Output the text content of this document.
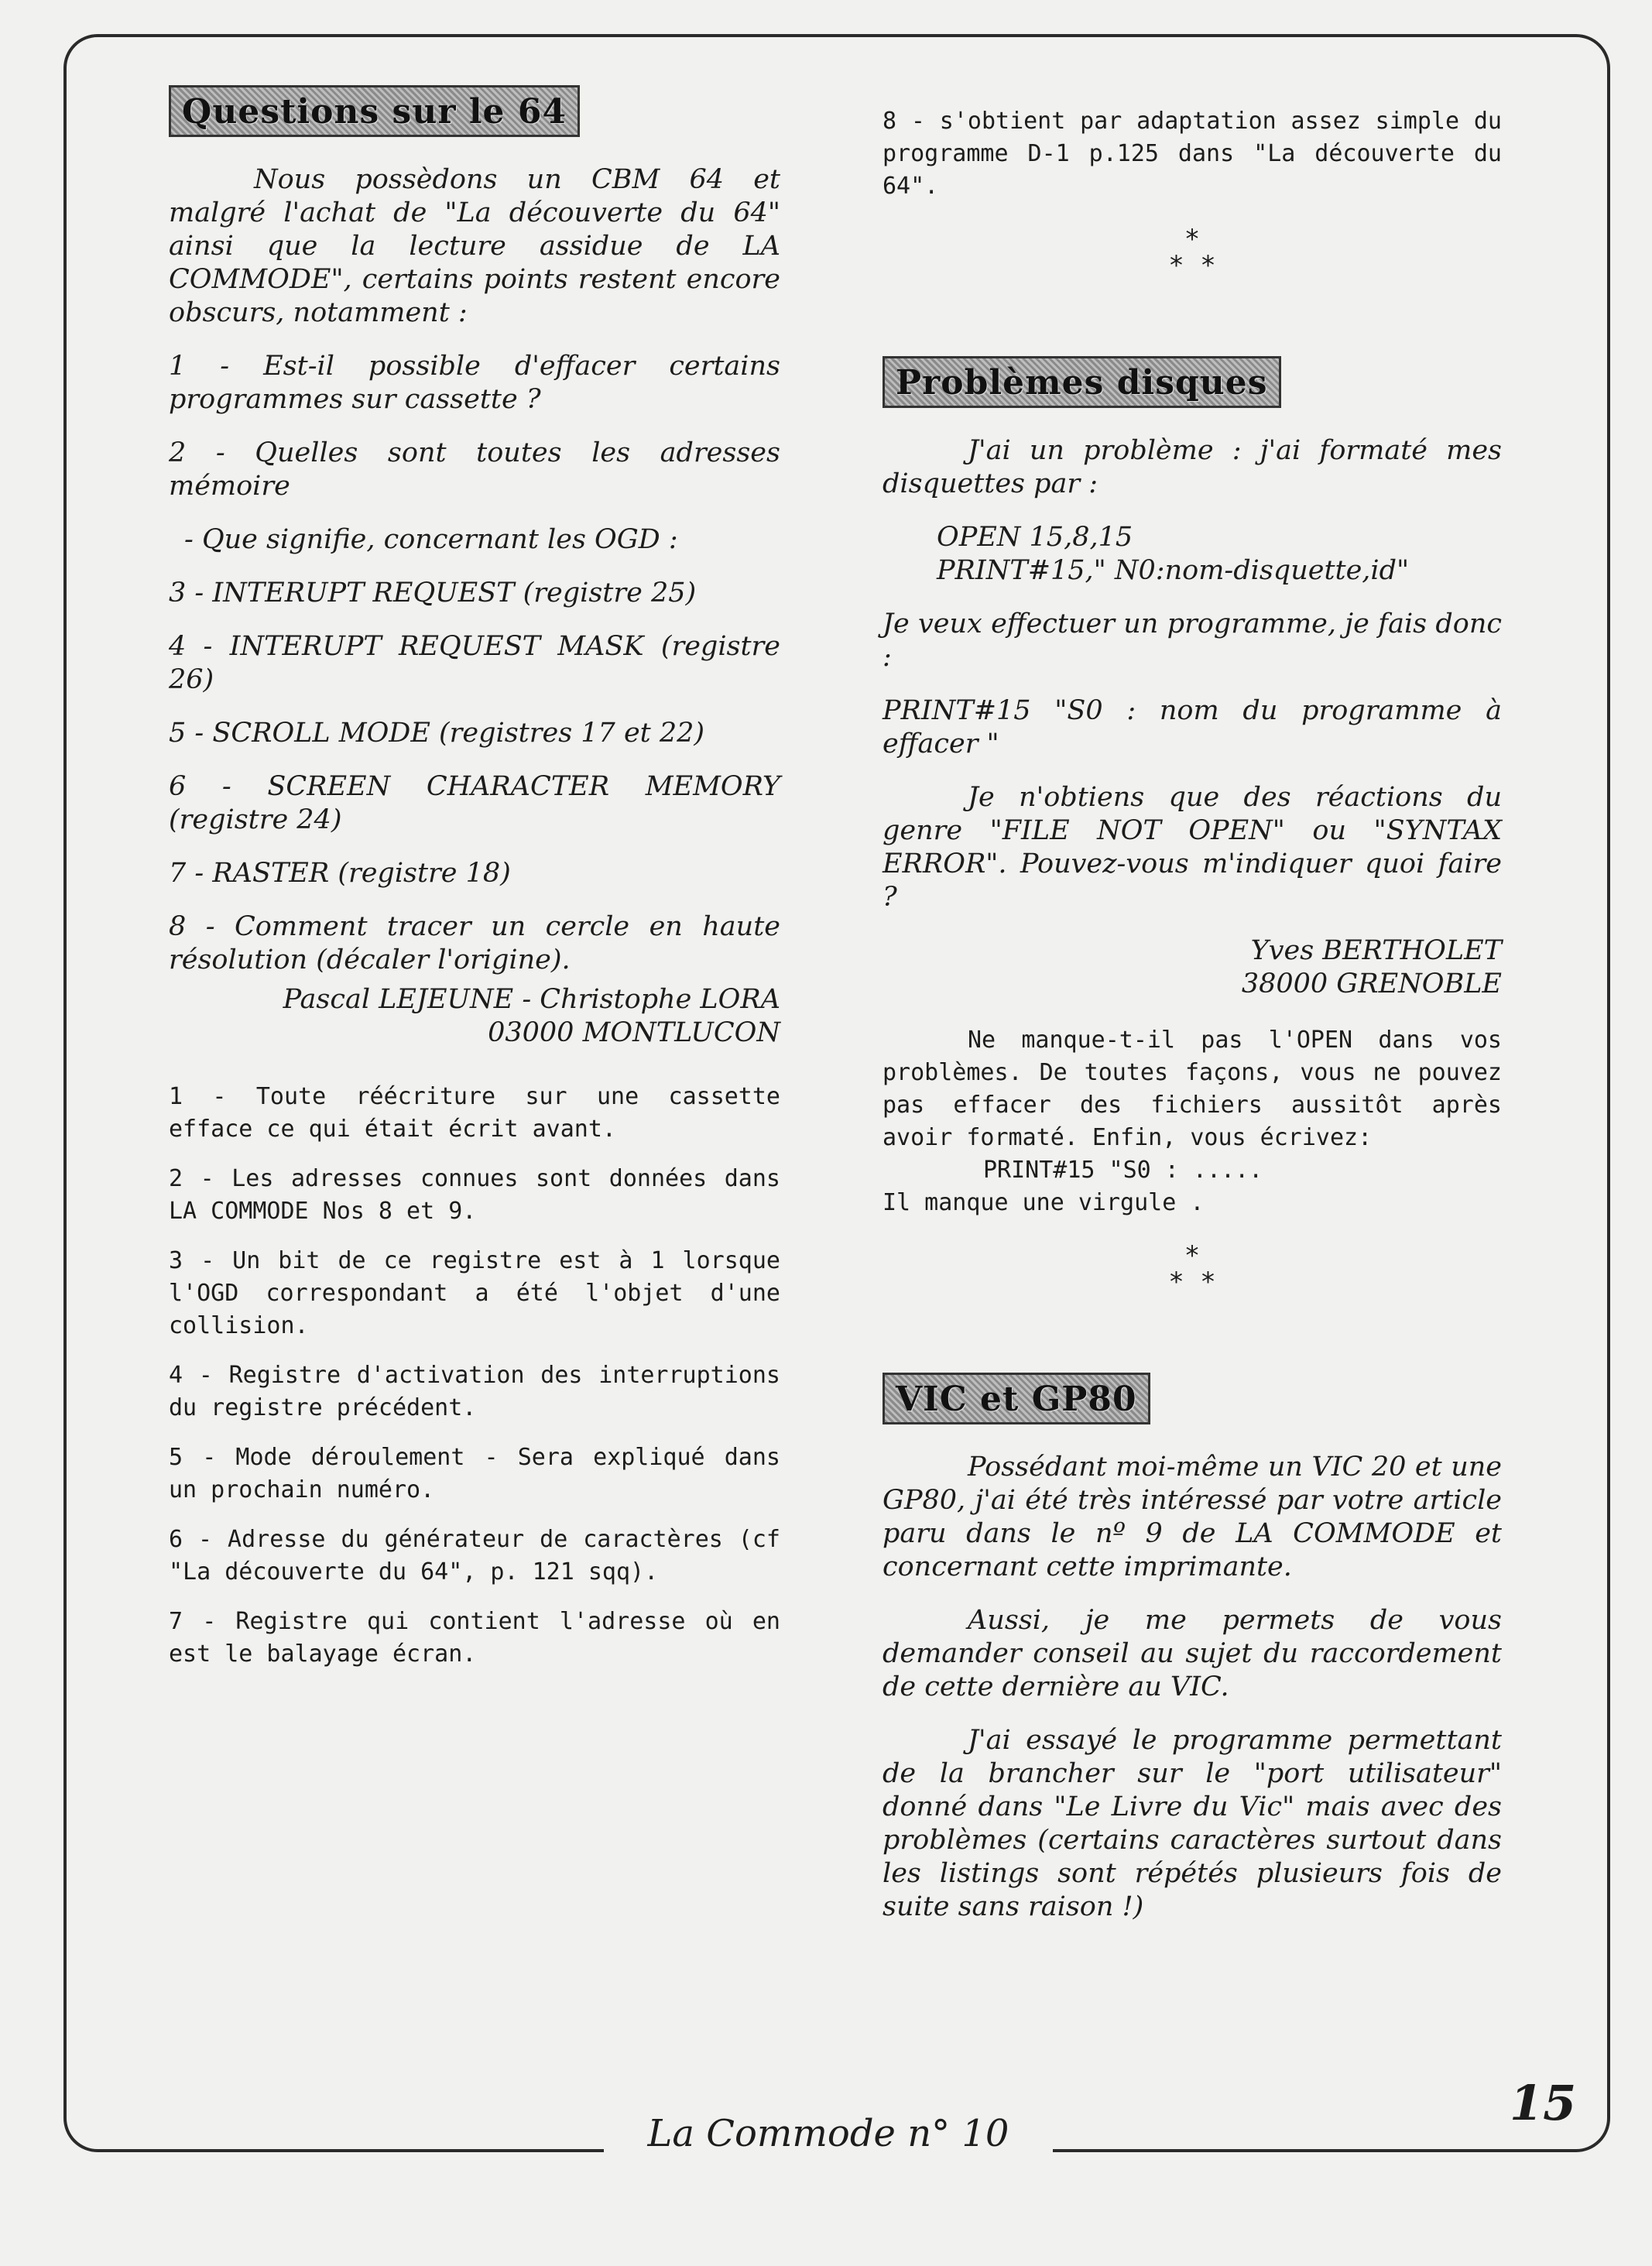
Questions sur le 64

Nous possèdons un CBM 64 et malgré l'achat de "La découverte du 64" ainsi que la lecture assidue de LA COMMODE", certains points restent encore obscurs, notamment :

1 - Est-il possible d'effacer certains programmes sur cassette ?

2 - Quelles sont toutes les adresses mémoire

- Que signifie, concernant les OGD :

3 - INTERUPT REQUEST (registre 25)

4 - INTERUPT REQUEST MASK (registre 26)

5 - SCROLL MODE (registres 17 et 22)

6 - SCREEN CHARACTER MEMORY (registre 24)

7 - RASTER (registre 18)

8 - Comment tracer un cercle en haute résolution (décaler l'origine).

Pascal LEJEUNE - Christophe LORA

03000 MONTLUCON

1 - Toute réécriture sur une cassette efface ce qui était écrit avant.

2 - Les adresses connues sont données dans LA COMMODE Nos 8 et 9.

3 - Un bit de ce registre est à 1 lorsque l'OGD correspondant a été l'objet d'une collision.

4 - Registre d'activation des interruptions du registre précédent.

5 - Mode déroulement - Sera expliqué dans un prochain numéro.

6 - Adresse du générateur de caractères (cf "La découverte du 64", p. 121 sqq).

7 - Registre qui contient l'adresse où en est le balayage écran.

8 - s'obtient par adaptation assez simple du programme D-1 p.125 dans "La découverte du 64".

*
* *
Problèmes disques

J'ai un problème : j'ai formaté mes disquettes par :

OPEN 15,8,15

PRINT#15," N0:nom-disquette,id"

Je veux effectuer un programme, je fais donc :

PRINT#15 "S0 : nom du programme à effacer "

Je n'obtiens que des réactions du genre "FILE NOT OPEN" ou "SYNTAX ERROR". Pouvez-vous m'indiquer quoi faire ?

Yves BERTHOLET

38000 GRENOBLE

Ne manque-t-il pas l'OPEN dans vos problèmes. De toutes façons, vous ne pouvez pas effacer des fichiers aussitôt après avoir formaté. Enfin, vous écrivez:

PRINT#15 "S0 : .....

Il manque une virgule .

*
* *
VIC et GP80

Possédant moi-même un VIC 20 et une GP80, j'ai été très intéressé par votre article paru dans le nº 9 de LA COMMODE et concernant cette imprimante.

Aussi, je me permets de vous demander conseil au sujet du raccordement de cette dernière au VIC.

J'ai essayé le programme permettant de la brancher sur le "port utilisateur" donné dans "Le Livre du Vic" mais avec des problèmes (certains caractères surtout dans les listings sont répétés plusieurs fois de suite sans raison !)

La Commode n° 10
15
